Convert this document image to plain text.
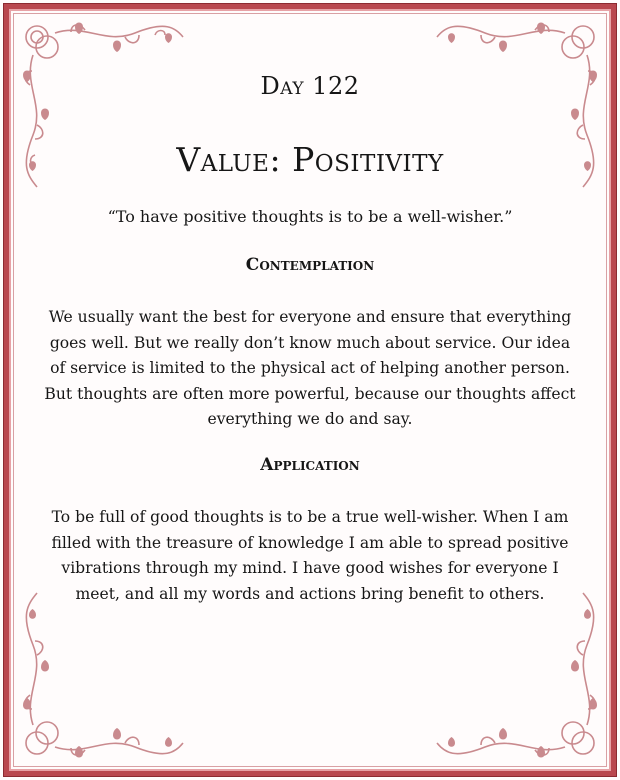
Day 122
Value: Positivity
“To have positive thoughts is to be a well-wisher.”
Contemplation
We usually want the best for everyone and ensure that everything goes well. But we really don’t know much about service. Our idea of service is limited to the physical act of helping another person. But thoughts are often more powerful, because our thoughts affect everything we do and say.
Application
To be full of good thoughts is to be a true well-wisher. When I am filled with the treasure of knowledge I am able to spread positive vibrations through my mind. I have good wishes for everyone I meet, and all my words and actions bring benefit to others.
